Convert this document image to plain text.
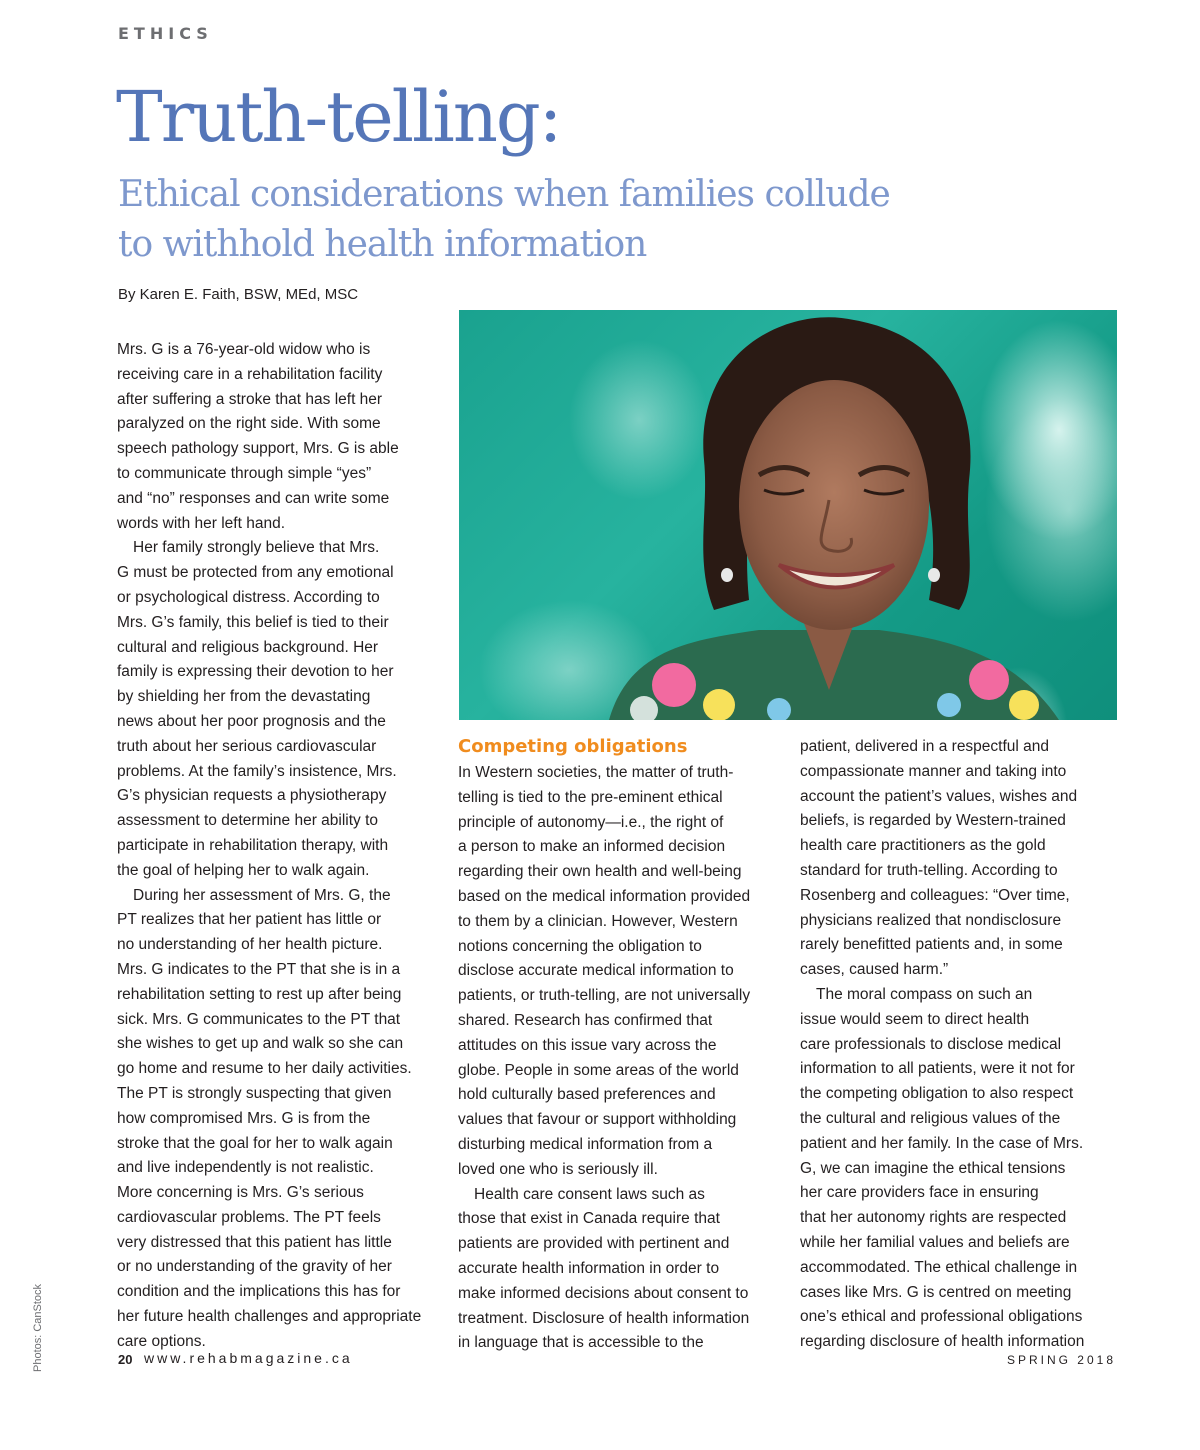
ETHICS
Truth-telling:
Ethical considerations when families collude
to withhold health information
By Karen E. Faith, BSW, MEd, MSC
Photos: CanStock

Mrs. G is a 76-year-old widow who is
receiving care in a rehabilitation facility
after suffering a stroke that has left her
paralyzed on the right side. With some
speech pathology support, Mrs. G is able
to communicate through simple “yes”
and “no” responses and can write some
words with her left hand.

Her family strongly believe that Mrs.
G must be protected from any emotional
or psychological distress. According to
Mrs. G’s family, this belief is tied to their
cultural and religious background. Her
family is expressing their devotion to her
by shielding her from the devastating
news about her poor prognosis and the
truth about her serious cardiovascular
problems. At the family’s insistence, Mrs.
G’s physician requests a physiotherapy
assessment to determine her ability to
participate in rehabilitation therapy, with
the goal of helping her to walk again.

During her assessment of Mrs. G, the
PT realizes that her patient has little or
no understanding of her health picture.
Mrs. G indicates to the PT that she is in a
rehabilitation setting to rest up after being
sick. Mrs. G communicates to the PT that
she wishes to get up and walk so she can
go home and resume to her daily activities.
The PT is strongly suspecting that given
how compromised Mrs. G is from the
stroke that the goal for her to walk again
and live independently is not realistic.
More concerning is Mrs. G’s serious
cardiovascular problems. The PT feels
very distressed that this patient has little
or no understanding of the gravity of her
condition and the implications this has for
her future health challenges and appropriate
care options.

Competing obligations

In Western societies, the matter of truth-
telling is tied to the pre-eminent ethical
principle of autonomy—i.e., the right of
a person to make an informed decision
regarding their own health and well-being
based on the medical information provided
to them by a clinician. However, Western
notions concerning the obligation to
disclose accurate medical information to
patients, or truth-telling, are not universally
shared. Research has confirmed that
attitudes on this issue vary across the
globe. People in some areas of the world
hold culturally based preferences and
values that favour or support withholding
disturbing medical information from a
loved one who is seriously ill.

Health care consent laws such as
those that exist in Canada require that
patients are provided with pertinent and
accurate health information in order to
make informed decisions about consent to
treatment. Disclosure of health information
in language that is accessible to the

patient, delivered in a respectful and
compassionate manner and taking into
account the patient’s values, wishes and
beliefs, is regarded by Western-trained
health care practitioners as the gold
standard for truth-telling. According to
Rosenberg and colleagues: “Over time,
physicians realized that nondisclosure
rarely benefitted patients and, in some
cases, caused harm.”

The moral compass on such an
issue would seem to direct health
care professionals to disclose medical
information to all patients, were it not for
the competing obligation to also respect
the cultural and religious values of the
patient and her family. In the case of Mrs.
G, we can imagine the ethical tensions
her care providers face in ensuring
that her autonomy rights are respected
while her familial values and beliefs are
accommodated. The ethical challenge in
cases like Mrs. G is centred on meeting
one’s ethical and professional obligations
regarding disclosure of health information

20 www.rehabmagazine.ca	SPRING 2018
